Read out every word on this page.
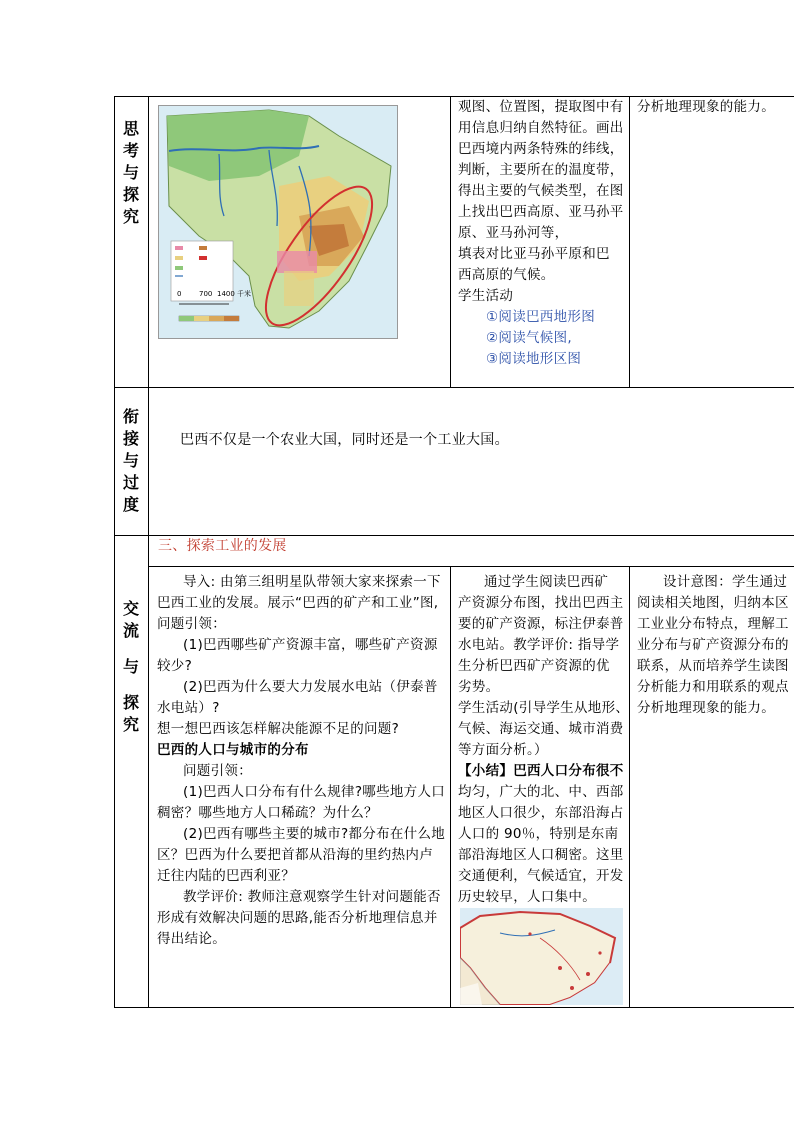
思
考
与
探
究
0	700 1400 千米
观图、位置图，提取图中有
用信息归纳自然特征。画出
巴西境内两条特殊的纬线，
判断，主要所在的温度带，
得出主要的气候类型，在图
上找出巴西高原、亚马孙平
原、亚马孙河等，
填表对比亚马孙平原和巴
西高原的气候。
学生活动
①阅读巴西地形图
②阅读气候图,
③阅读地形区图
分析地理现象的能力。
衔
接
与
过
度
巴西不仅是一个农业大国，同时还是一个工业大国。
三、探索工业的发展
交
流
与
探
究
导入: 由第三组明星队带领大家来探索一下
巴西工业的发展。展示“巴西的矿产和工业”图,
问题引领：
(1)巴西哪些矿产资源丰富，哪些矿产资源
较少?
(2)巴西为什么要大力发展水电站（伊泰普
水电站）?
想一想巴西该怎样解决能源不足的问题?
巴西的人口与城市的分布
问题引领：
(1)巴西人口分布有什么规律?哪些地方人口
稠密？哪些地方人口稀疏？为什么？
(2)巴西有哪些主要的城市?都分布在什么地
区？巴西为什么要把首都从沿海的里约热内卢
迁往内陆的巴西利亚？
教学评价: 教师注意观察学生针对问题能否
形成有效解决问题的思路,能否分析地理信息并
得出结论。
通过学生阅读巴西矿
产资源分布图，找出巴西主
要的矿产资源，标注伊泰普
水电站。教学评价: 指导学
生分析巴西矿产资源的优
劣势。
学生活动(引导学生从地形、
气候、海运交通、城市消费
等方面分析。）
【小结】巴西人口分布很不
均匀，广大的北、中、西部
地区人口很少，东部沿海占
人口的 90％，特别是东南
部沿海地区人口稠密。这里
交通便利，气候适宜，开发
历史较早，人口集中。
设计意图：学生通过
阅读相关地图，归纳本区
工业业分布特点，理解工
业分布与矿产资源分布的
联系，从而培养学生读图
分析能力和用联系的观点
分析地理现象的能力。
